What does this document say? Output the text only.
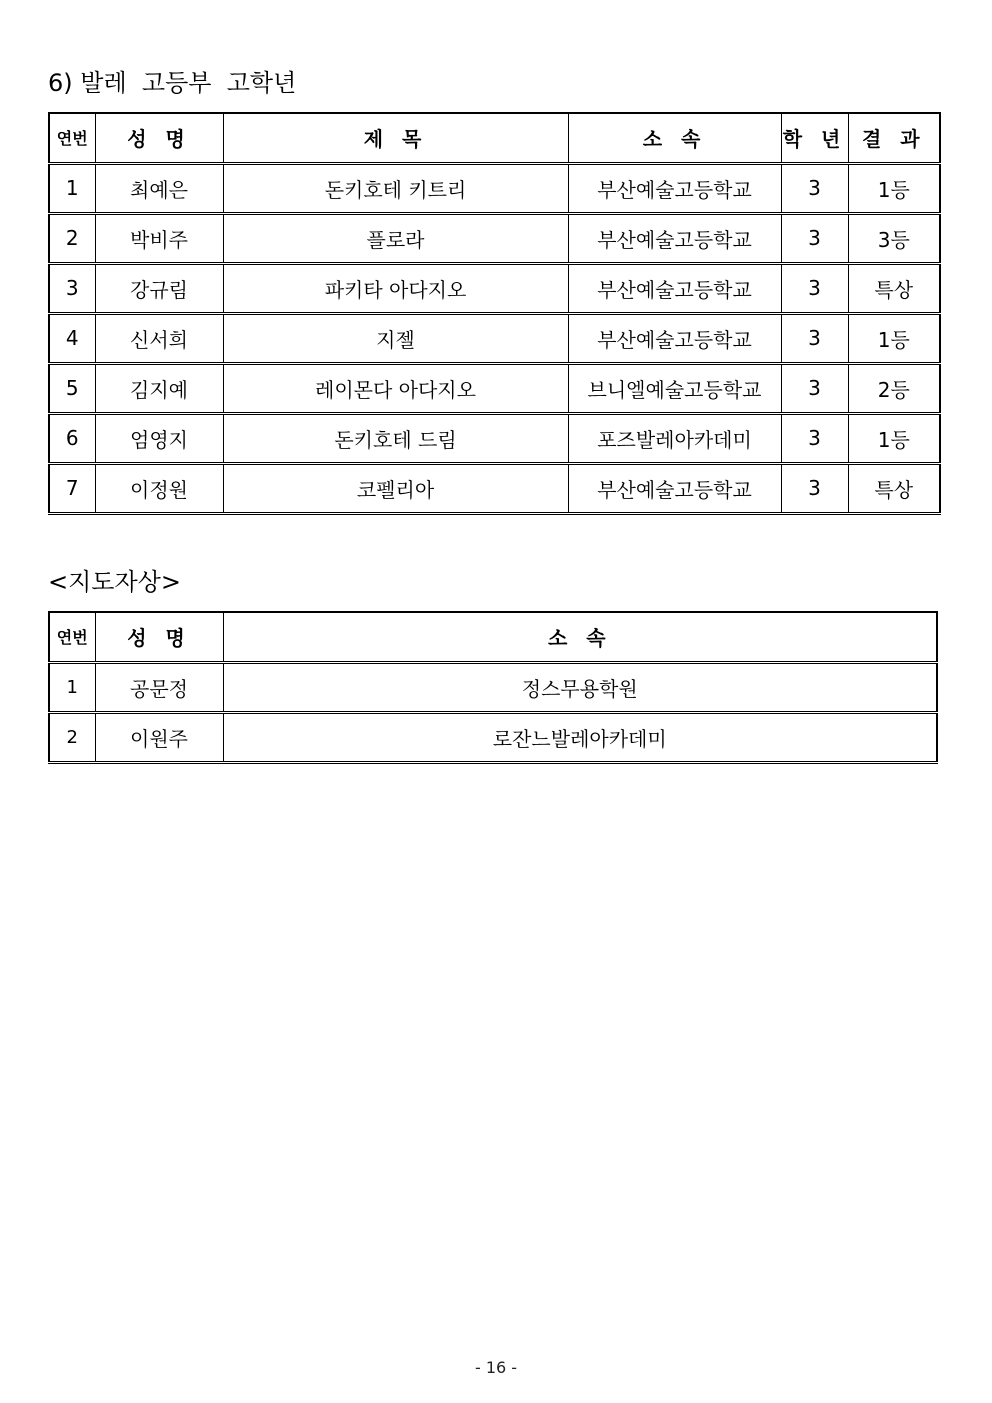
6) 발레  고등부  고학년
연번	성 명	제 목	소 속	학 년	결 과
1	최예은	돈키호테 키트리	부산예술고등학교	3	1등
2	박비주	플로라	부산예술고등학교	3	3등
3	강규림	파키타 아다지오	부산예술고등학교	3	특상
4	신서희	지젤	부산예술고등학교	3	1등
5	김지예	레이몬다 아다지오	브니엘예술고등학교	3	2등
6	엄영지	돈키호테 드림	포즈발레아카데미	3	1등
7	이정원	코펠리아	부산예술고등학교	3	특상
<지도자상>
연번	성 명	소 속
1	공문정	정스무용학원
2	이원주	로잔느발레아카데미
- 16 -
